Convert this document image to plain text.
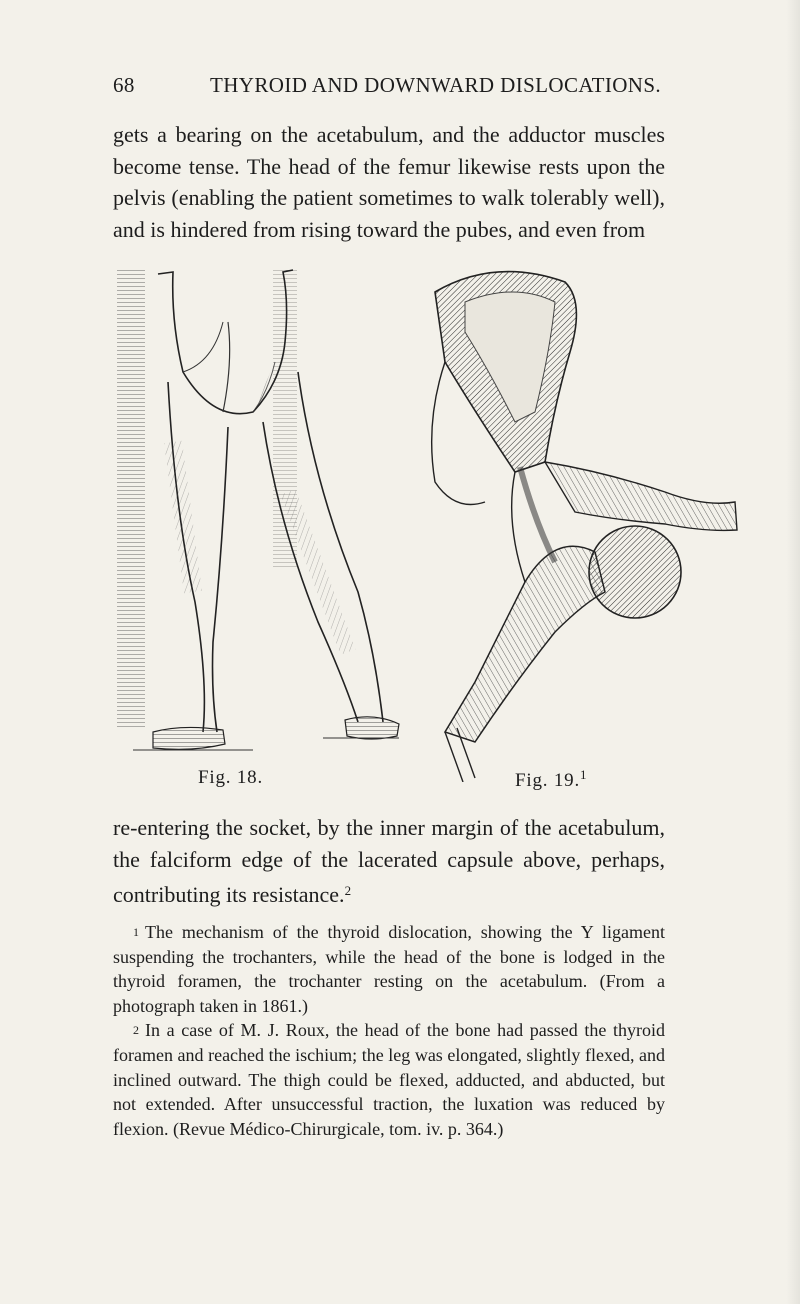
68	THYROID AND DOWNWARD DISLOCATIONS.
gets a bearing on the acetabulum, and the adductor muscles become tense. The head of the femur likewise rests upon the pelvis (enabling the patient sometimes to walk tolerably well), and is hindered from rising toward the pubes, and even from
Fig. 18.	Fig. 19.$^1$
re-entering the socket, by the inner margin of the acetabulum, the falciform edge of the lacerated capsule above, perhaps, contributing its resistance.$^2$

1 The mechanism of the thyroid dislocation, showing the Y ligament suspending the trochanters, while the head of the bone is lodged in the thyroid foramen, the trochanter resting on the acetabulum. (From a photograph taken in 1861.)

2 In a case of M. J. Roux, the head of the bone had passed the thyroid foramen and reached the ischium; the leg was elongated, slightly flexed, and inclined outward. The thigh could be flexed, adducted, and abducted, but not extended. After unsuccessful traction, the luxation was reduced by flexion. (Revue Médico-Chirurgicale, tom. iv. p. 364.)
